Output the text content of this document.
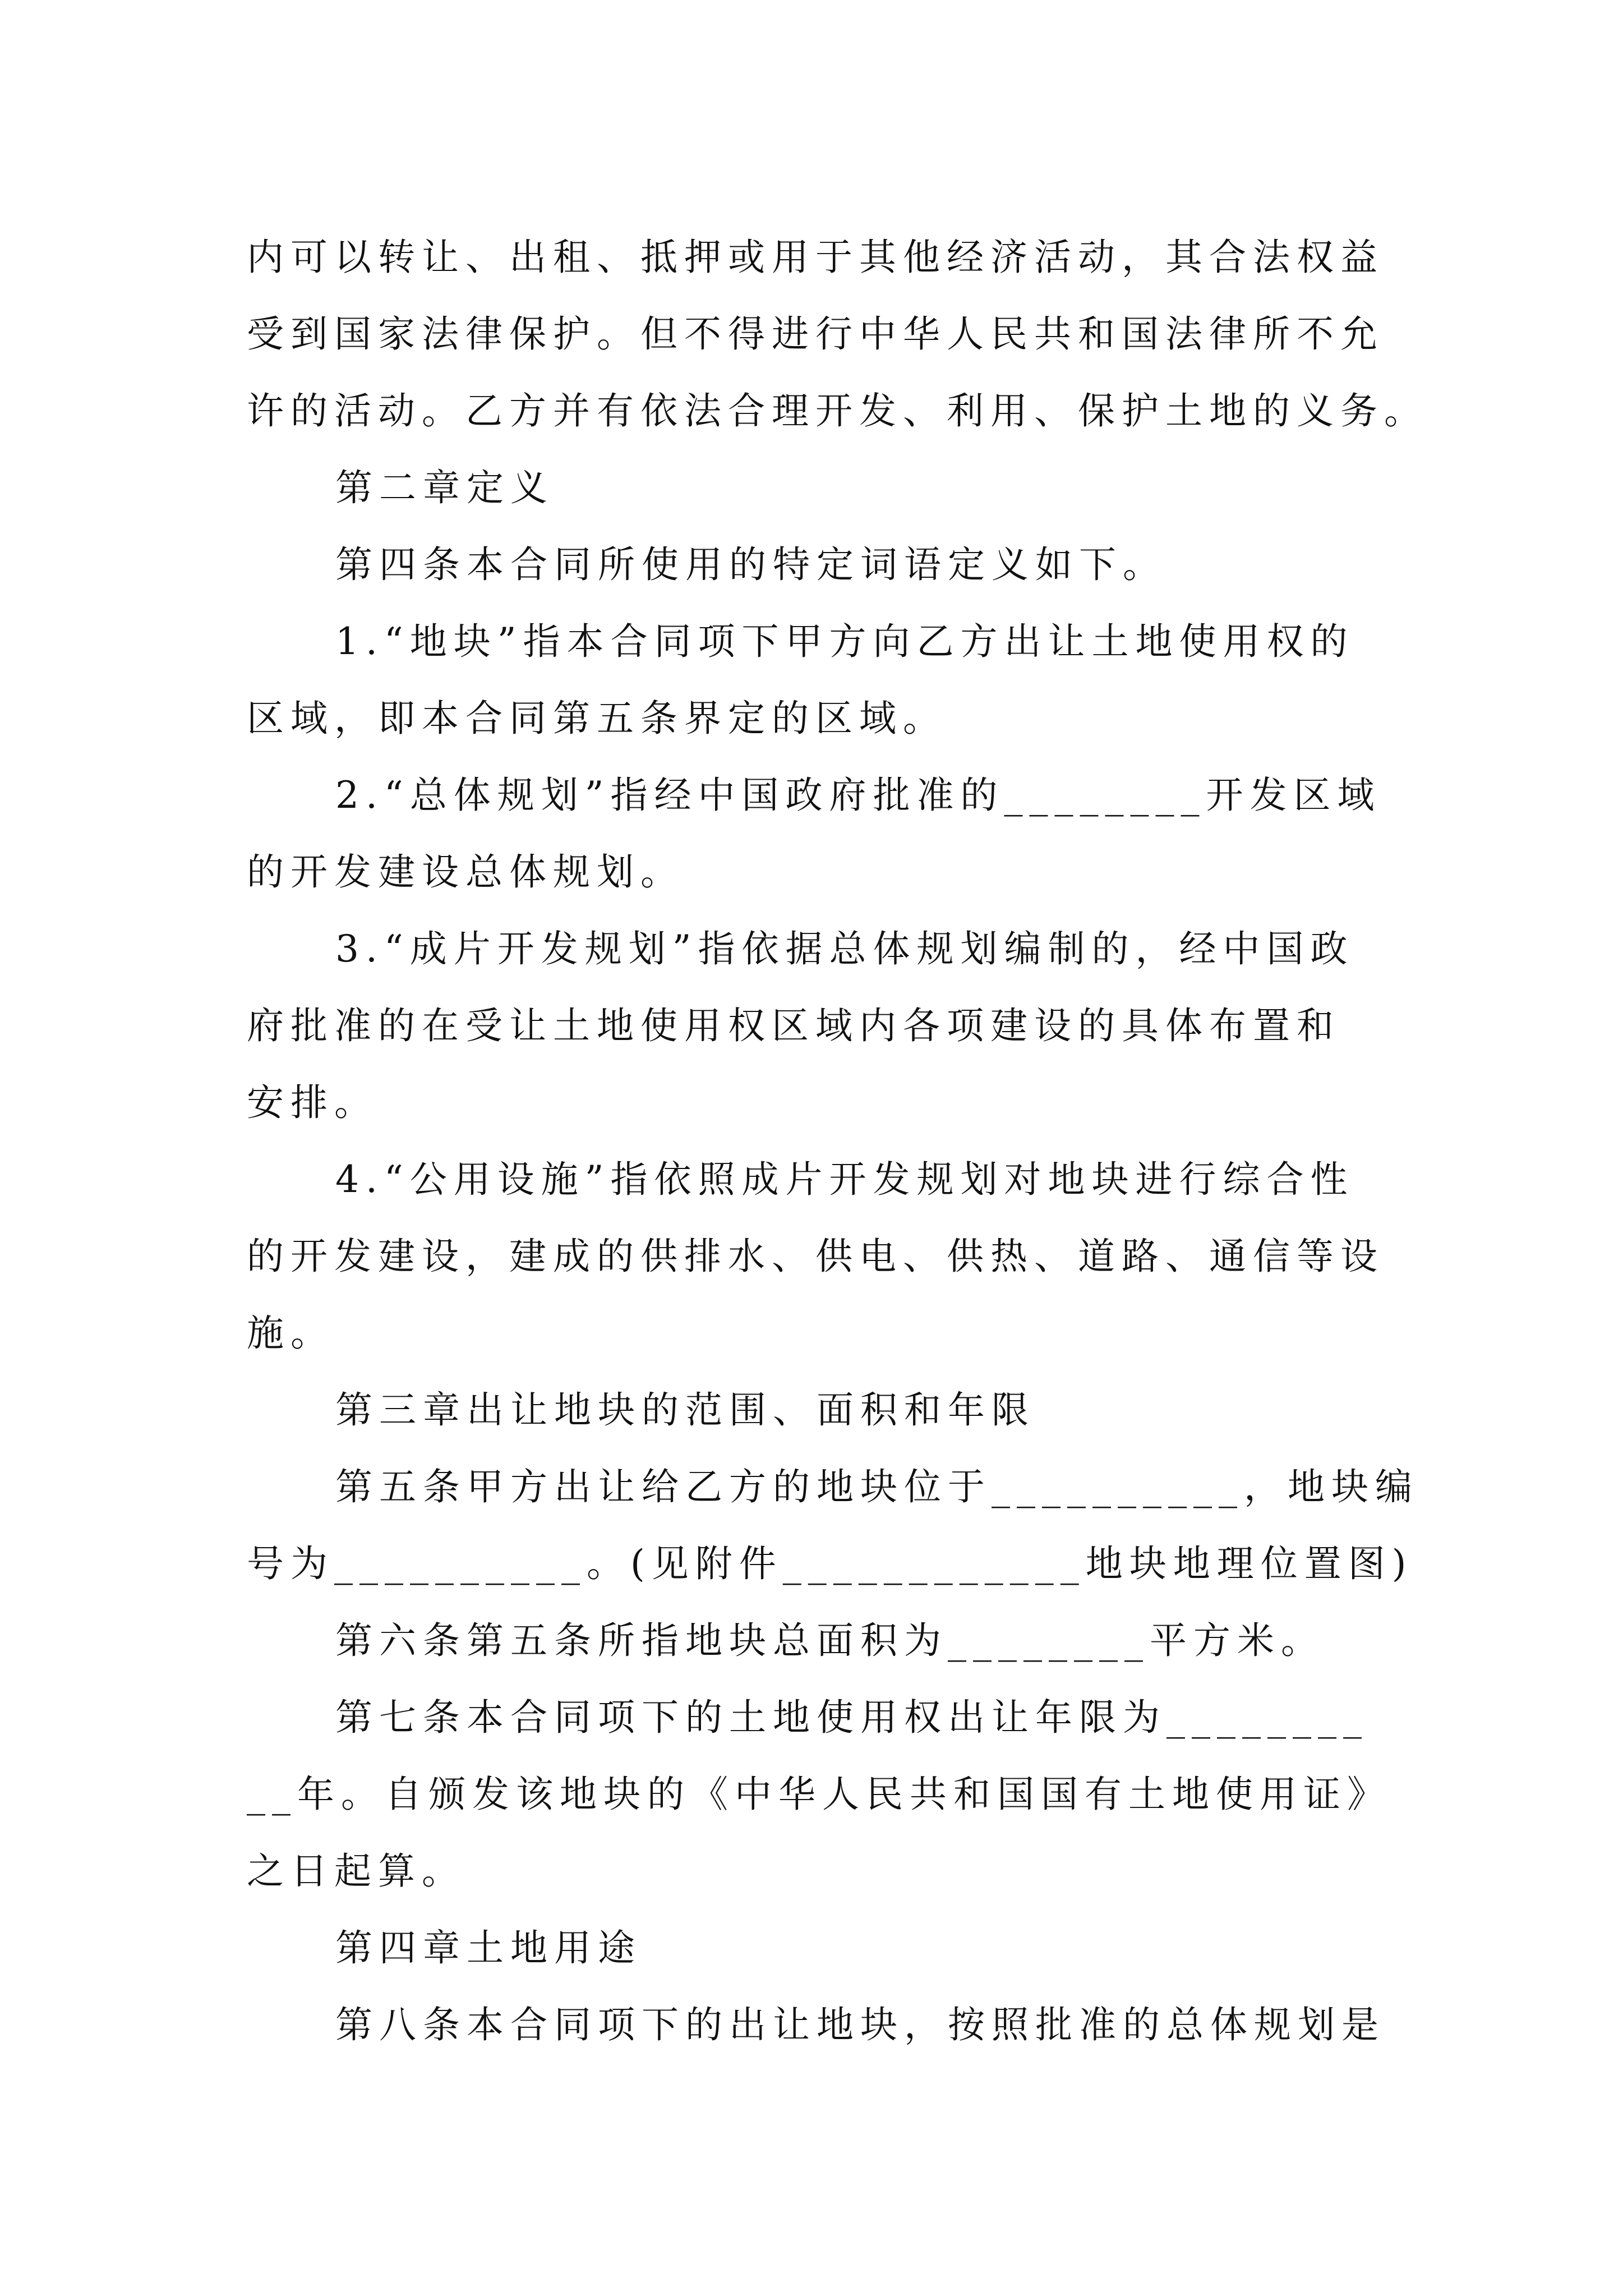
内可以转让、出租、抵押或用于其他经济活动，其合法权益
受到国家法律保护。但不得进行中华人民共和国法律所不允
许的活动。乙方并有依法合理开发、利用、保护土地的义务。
第二章定义
第四条本合同所使用的特定词语定义如下。
1.“地块”指本合同项下甲方向乙方出让土地使用权的
区域，即本合同第五条界定的区域。
2.“总体规划”指经中国政府批准的________开发区域
的开发建设总体规划。
3.“成片开发规划”指依据总体规划编制的，经中国政
府批准的在受让土地使用权区域内各项建设的具体布置和
安排。
4.“公用设施”指依照成片开发规划对地块进行综合性
的开发建设，建成的供排水、供电、供热、道路、通信等设
施。
第三章出让地块的范围、面积和年限
第五条甲方出让给乙方的地块位于__________，地块编
号为__________。(见附件____________地块地理位置图)
第六条第五条所指地块总面积为________平方米。
第七条本合同项下的土地使用权出让年限为________
__年。自颁发该地块的《中华人民共和国国有土地使用证》
之日起算。
第四章土地用途
第八条本合同项下的出让地块，按照批准的总体规划是
